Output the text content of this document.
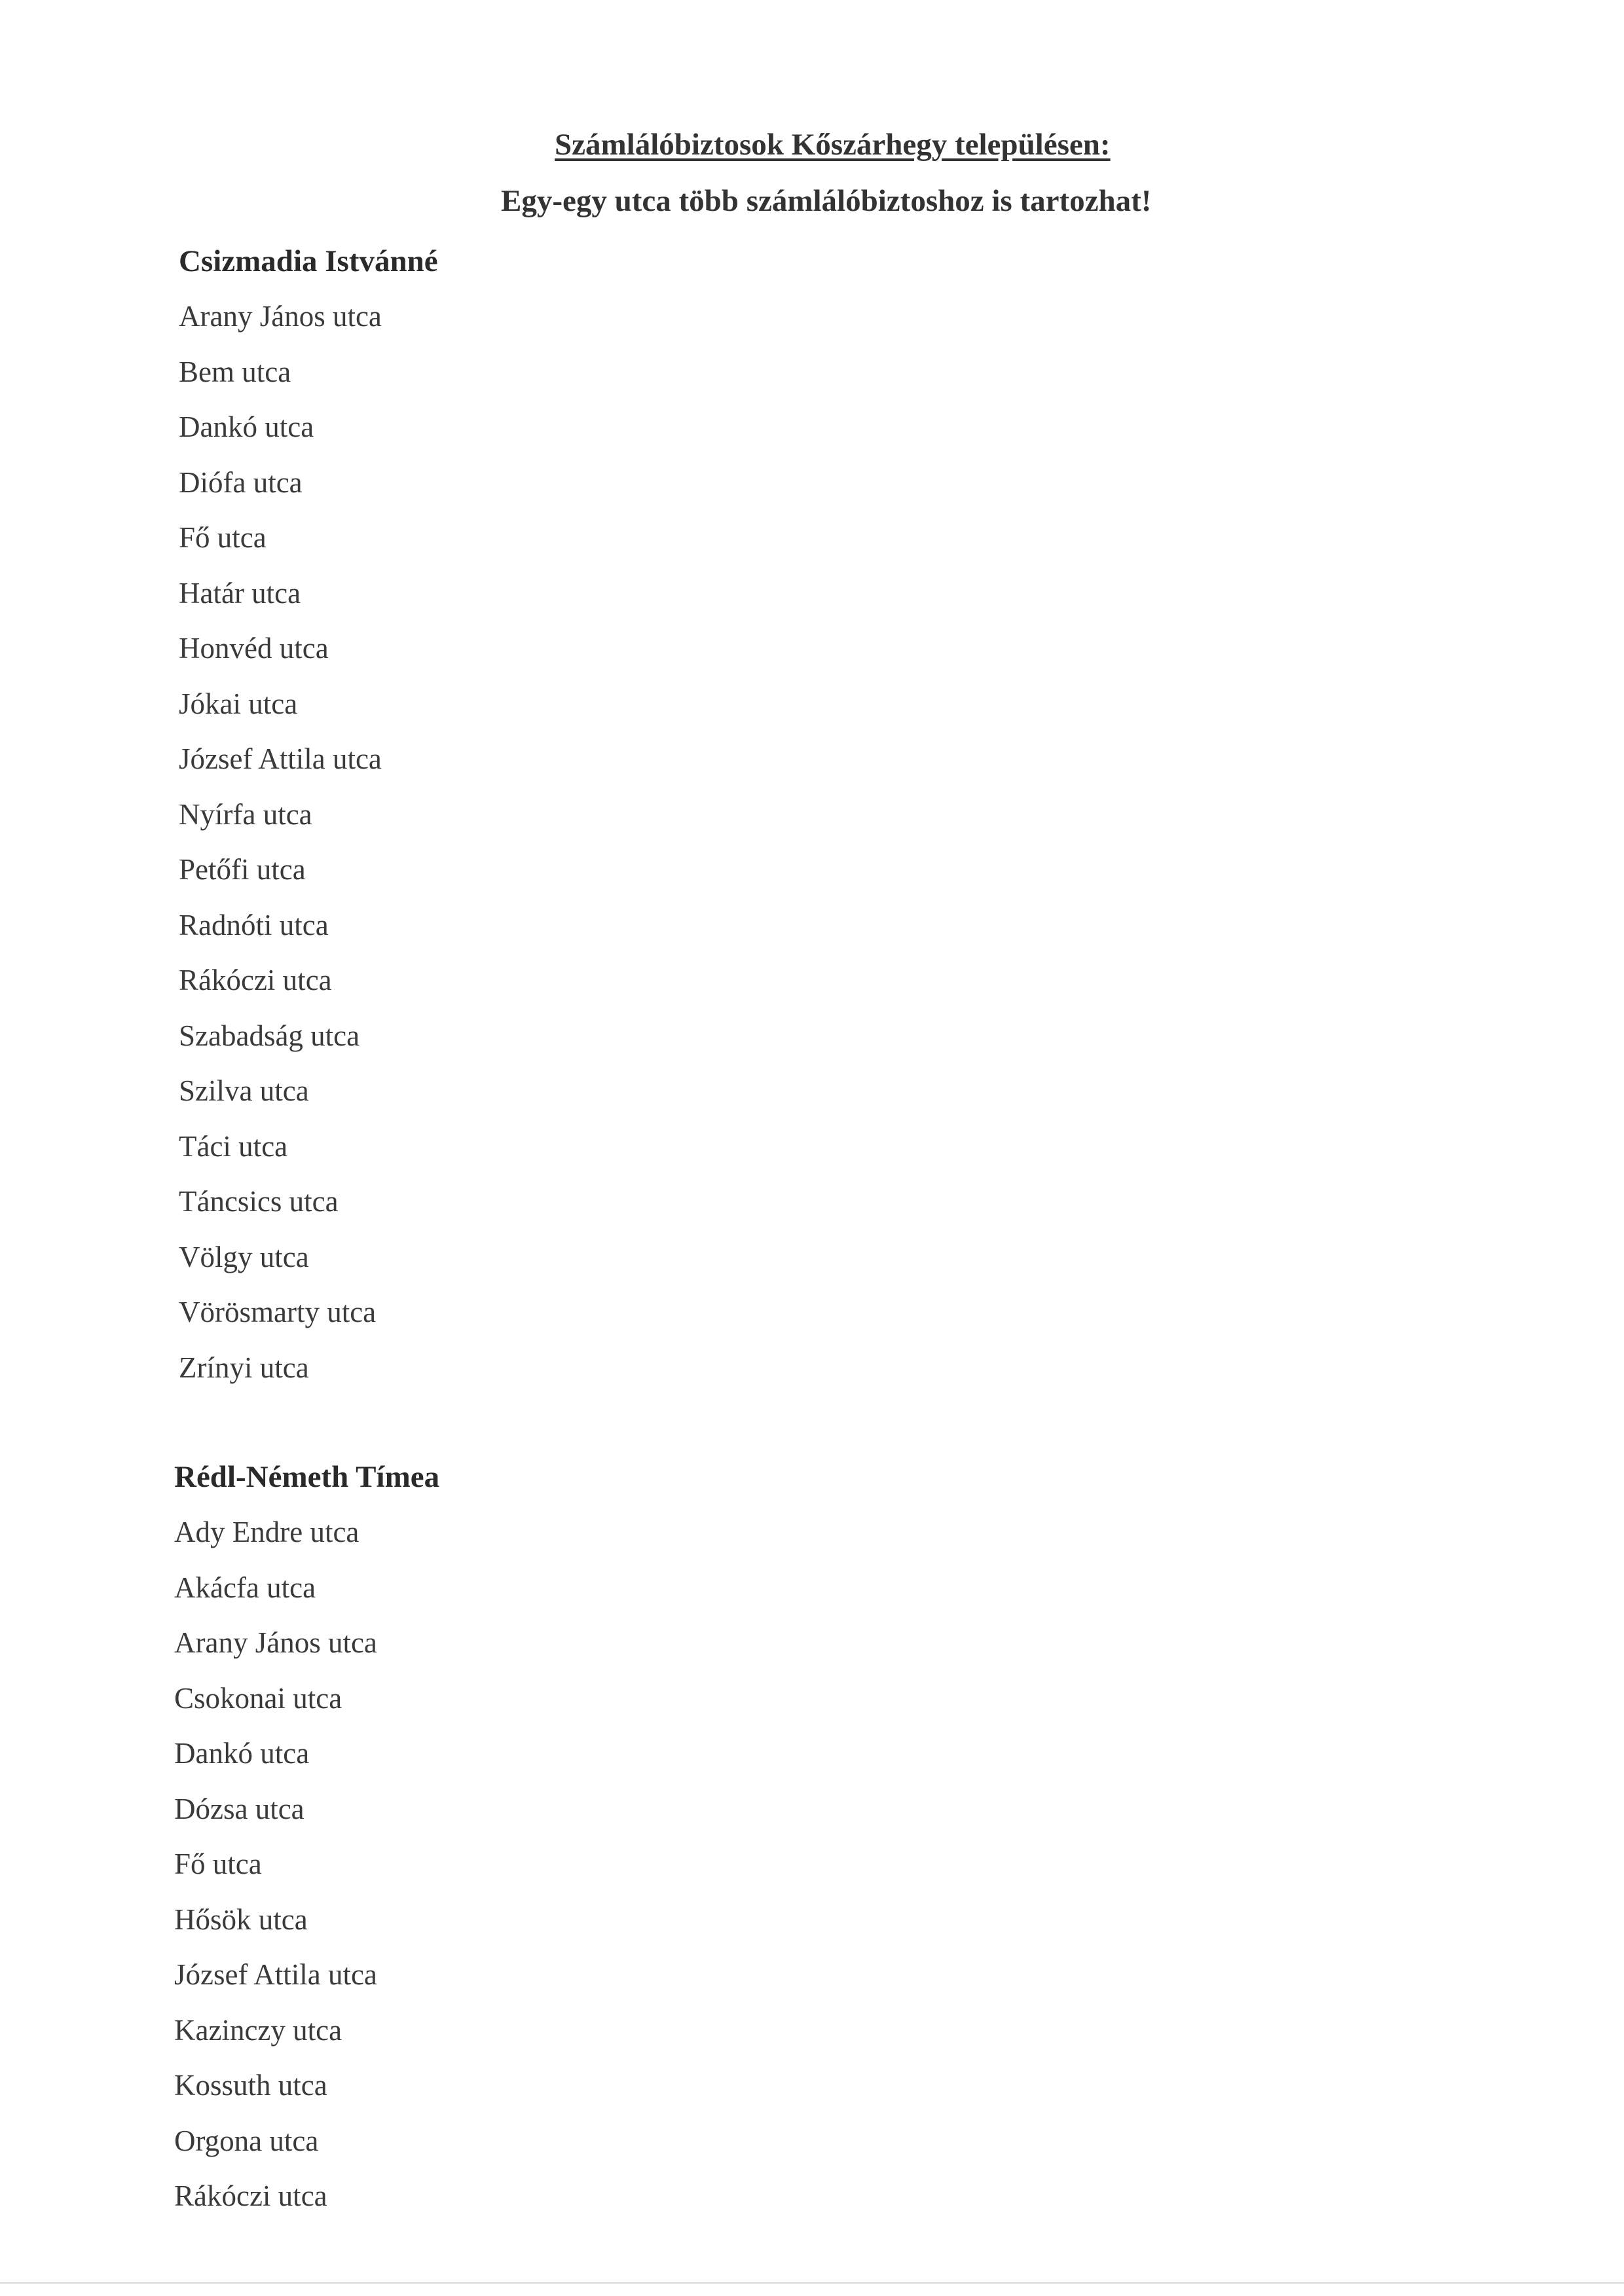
Számlálóbiztosok Kőszárhegy településen:

Egy-egy utca több számlálóbiztoshoz is tartozhat!

Csizmadia Istvánné
Arany János utca
Bem utca
Dankó utca
Diófa utca
Fő utca
Határ utca
Honvéd utca
Jókai utca
József Attila utca
Nyírfa utca
Petőfi utca
Radnóti utca
Rákóczi utca
Szabadság utca
Szilva utca
Táci utca
Táncsics utca
Völgy utca
Vörösmarty utca
Zrínyi utca
Rédl-Németh Tímea
Ady Endre utca
Akácfa utca
Arany János utca
Csokonai utca
Dankó utca
Dózsa utca
Fő utca
Hősök utca
József Attila utca
Kazinczy utca
Kossuth utca
Orgona utca
Rákóczi utca
